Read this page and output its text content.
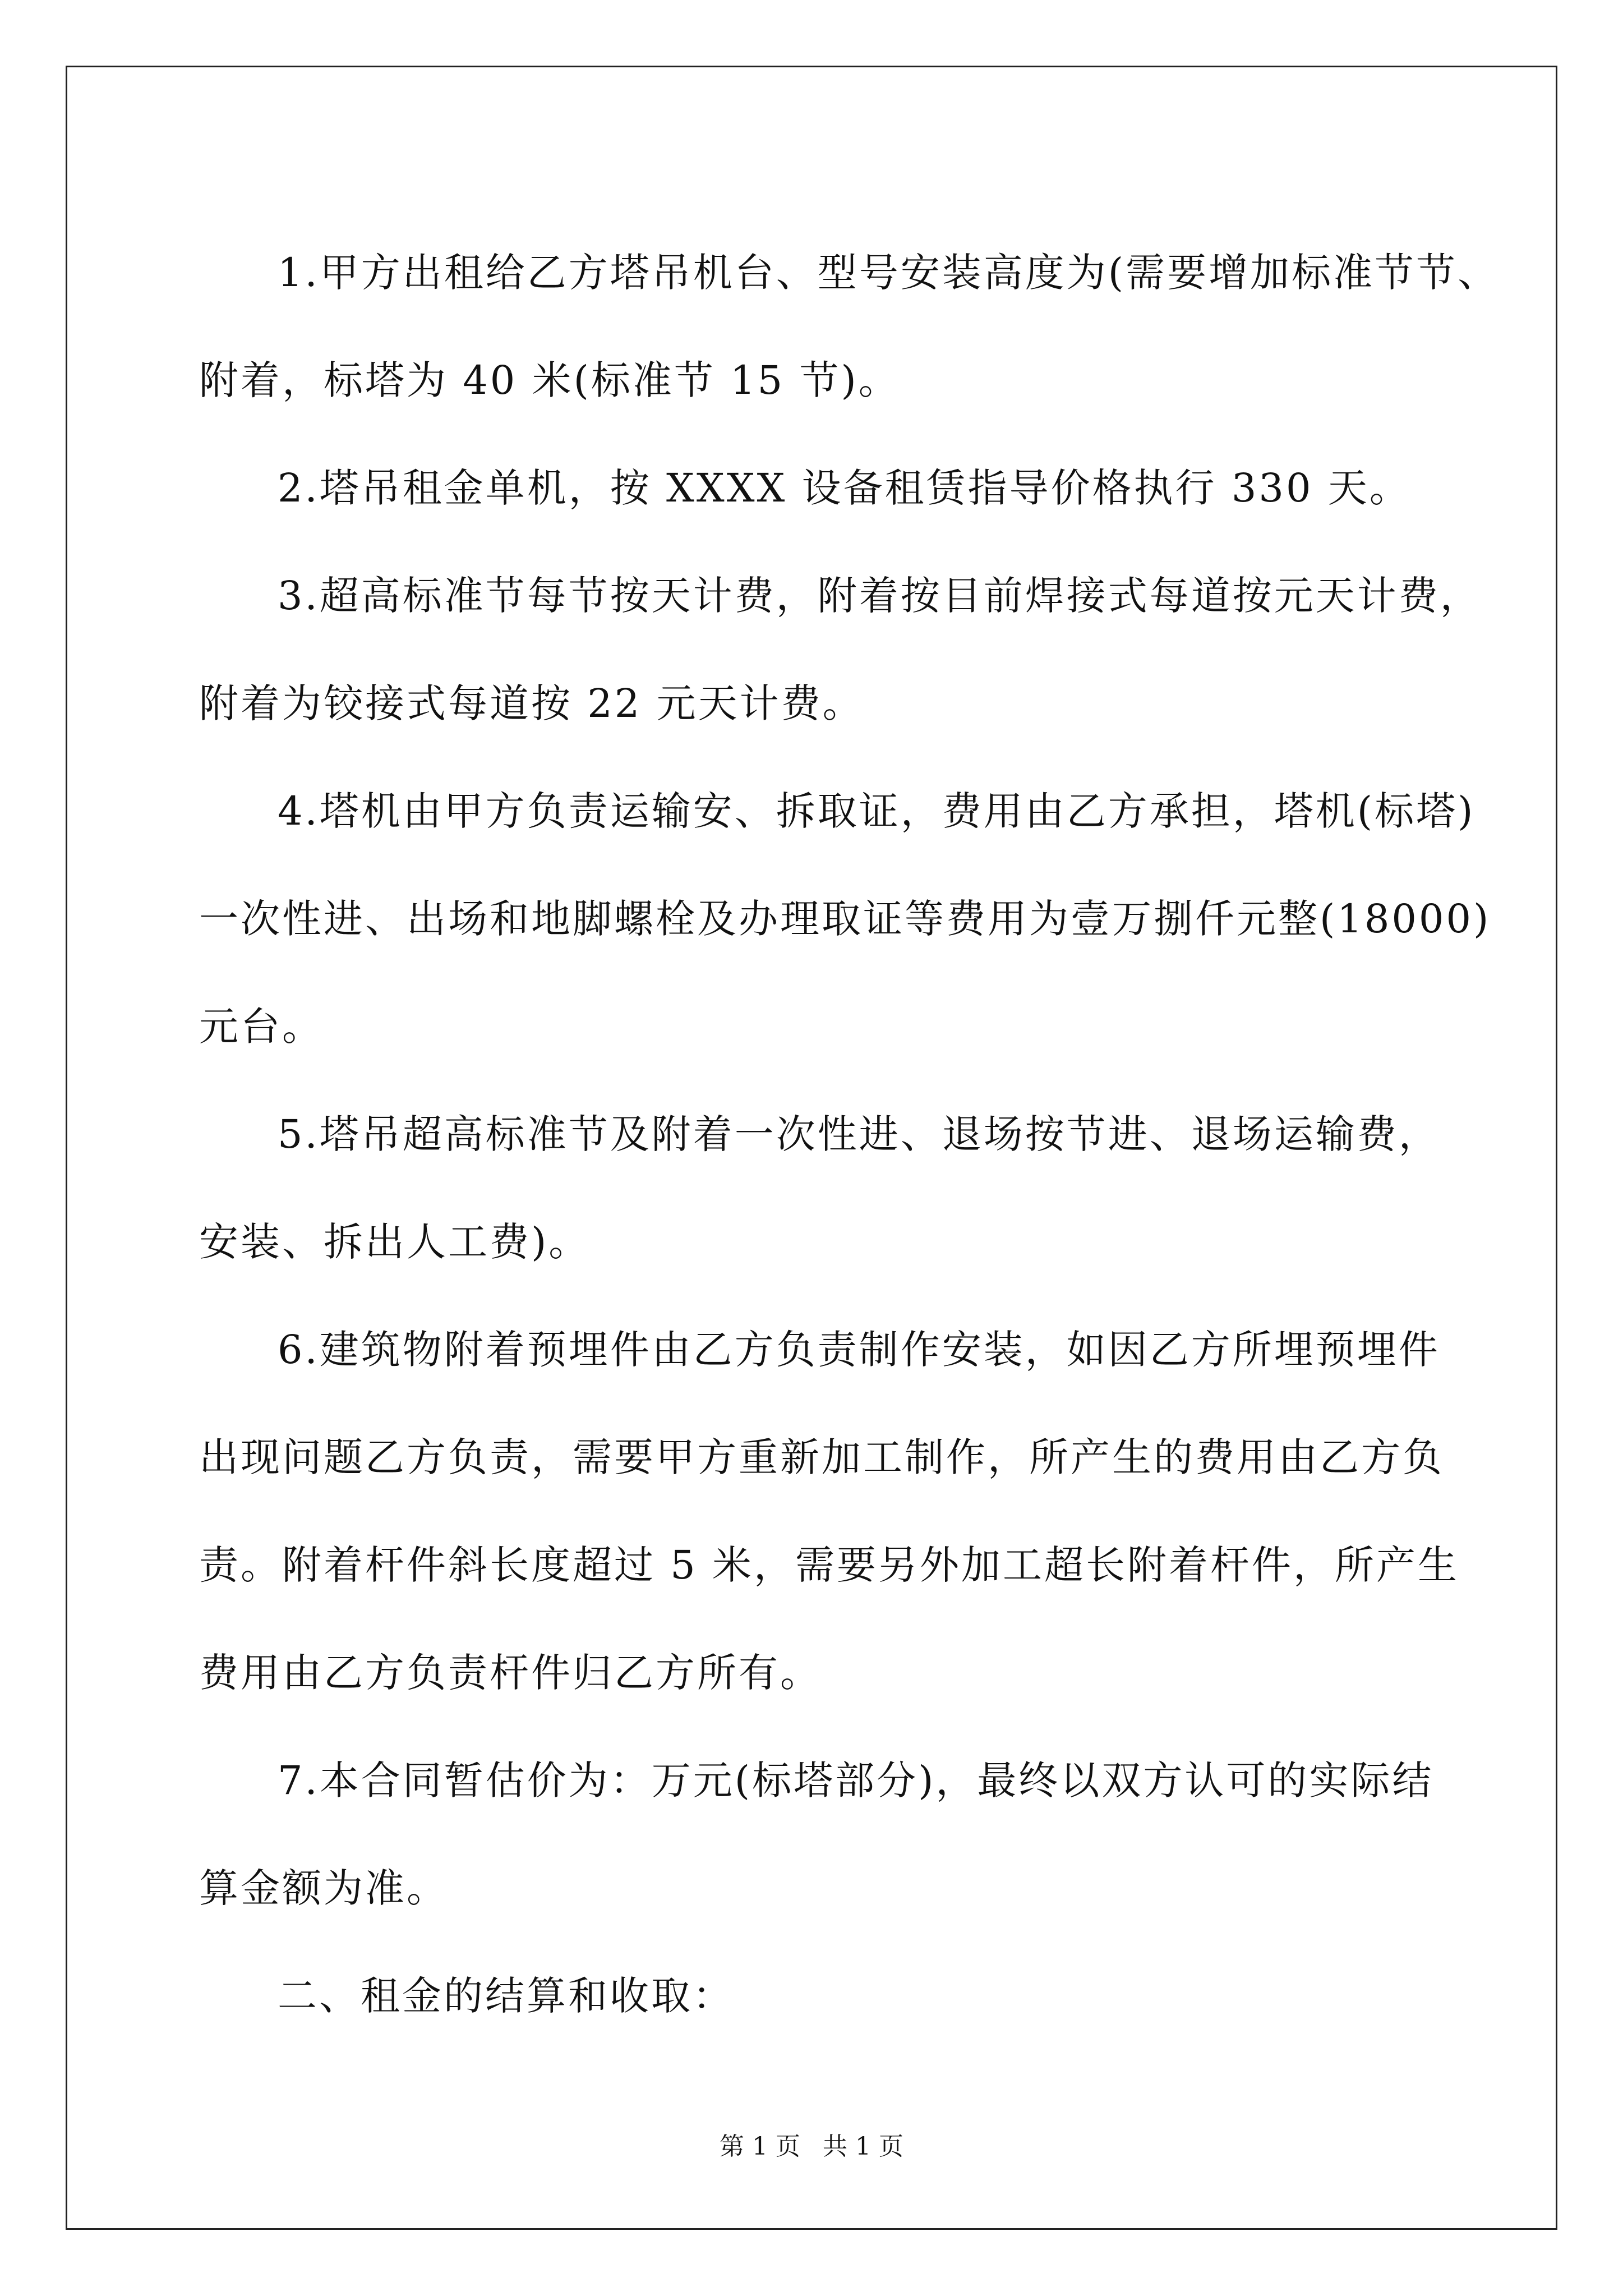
1.甲方出租给乙方塔吊机台、型号安装高度为(需要增加标准节节、
附着，标塔为 40 米(标准节 15 节)。

2.塔吊租金单机，按 XXXX 设备租赁指导价格执行 330 天。

3.超高标准节每节按天计费，附着按目前焊接式每道按元天计费，
附着为铰接式每道按 22 元天计费。

4.塔机由甲方负责运输安、拆取证，费用由乙方承担，塔机(标塔)
一次性进、出场和地脚螺栓及办理取证等费用为壹万捌仟元整(18000)
元台。

5.塔吊超高标准节及附着一次性进、退场按节进、退场运输费，
安装、拆出人工费)。

6.建筑物附着预埋件由乙方负责制作安装，如因乙方所埋预埋件
出现问题乙方负责，需要甲方重新加工制作，所产生的费用由乙方负
责。附着杆件斜长度超过 5 米，需要另外加工超长附着杆件，所产生
费用由乙方负责杆件归乙方所有。

7.本合同暂估价为：万元(标塔部分)，最终以双方认可的实际结
算金额为准。

二、租金的结算和收取：

第 1 页 共 1 页
